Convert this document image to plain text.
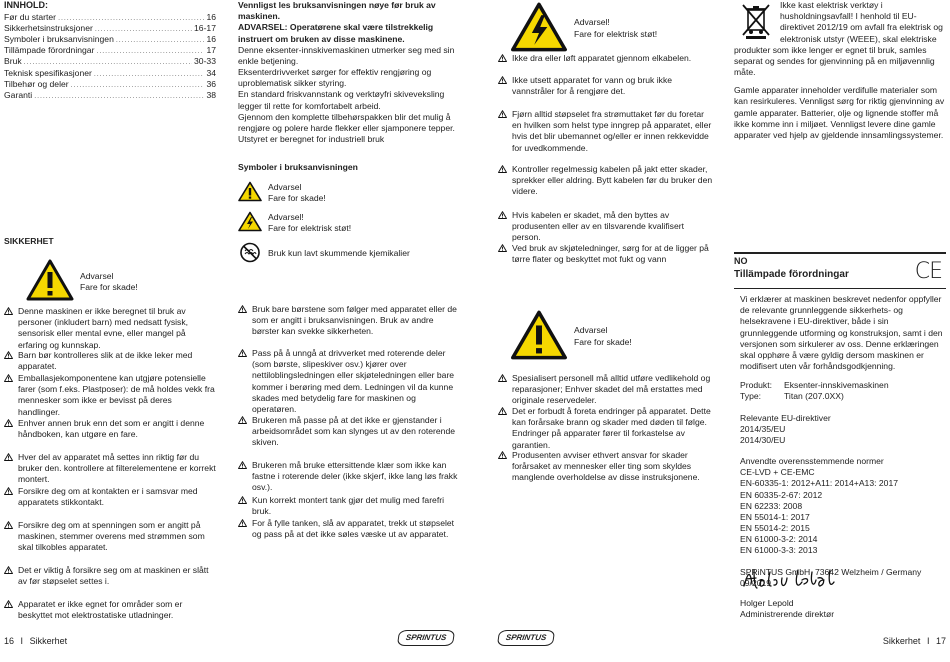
INNHOLD:
Før du starter . . .	16
Sikkerhetsinstruksjoner . . .	16-17
Symboler i bruksanvisningen . . .	16
Tillämpade förordningar . . .	17
Bruk . . .	30-33
Teknisk spesifikasjoner . . .	34
Tilbehør og deler . . .	36
Garanti . . .	38
SIKKERHET
Advarsel
Fare for skade!
Denne maskinen er ikke beregnet til bruk av personer (inkludert barn) med nedsatt fysisk, sensorisk eller mental evne, eller mangel på erfaring og kunnskap.
Barn bør kontrolleres slik at de ikke leker med apparatet.
Emballasjekomponentene kan utgjøre potensielle farer (som f.eks. Plastposer): de må holdes vekk fra mennesker som ikke er bevisst på deres handlinger.
Enhver annen bruk enn det som er angitt i denne håndboken, kan utgøre en fare.
Hver del av apparatet må settes inn riktig før du bruker den. kontrollere at filterelementene er korrekt montert.
Forsikre deg om at kontakten er i samsvar med apparatets stikkontakt.
Forsikre deg om at spenningen som er angitt på maskinen, stemmer overens med strømmen som skal tilkobles apparatet.
Det er viktig å forsikre seg om at maskinen er slått av før støpselet settes i.
Apparatet er ikke egnet for områder som er beskyttet mot elektrostatiske utladninger.
Vennligst les bruksanvisningen nøye før bruk av maskinen.
ADVARSEL: Operatørene skal være tilstrekkelig instruert om bruken av disse maskinene.
Denne eksenter-innskivemaskinen utmerker seg med sin enkle betjening.
Eksenterdrivverket sørger for effektiv rengjøring og uproblematisk sikker styring.
En standard friskvannstank og verktøyfri skiveveksling legger til rette for komfortabelt arbeid.
Gjennom den komplette tilbehørspakken blir det mulig å rengjøre og polere harde flekker eller sjamponere tepper.
Utstyret er beregnet for industriell bruk
Symboler i bruksanvisningen
Advarsel
Fare for skade!
Advarsel!
Fare for elektrisk støt!
Bruk kun lavt skummende kjemikalier
Bruk bare børstene som følger med apparatet eller de som er angitt i bruksanvisningen. Bruk av andre børster kan svekke sikkerheten.
Pass på å unngå at drivverket med roterende deler (som børste, slipeskiver osv.) kjører over nettiloblingsledningen eller skjøteledningen eller bare kommer i berøring med dem. Ledningen vil da kunne skades med betydelig fare for maskinen og operatøren.
Brukeren må passe på at det ikke er gjenstander i arbeidsområdet som kan slynges ut av den roterende skiven.
Brukeren må bruke ettersittende klær som ikke kan fastne i roterende deler (ikke skjerf, ikke lang løs frakk osv.).
Kun korrekt montert tank gjør det mulig med farefri bruk.
For å fylle tanken, slå av apparatet, trekk ut støpselet og pass på at det ikke søles væske ut av apparatet.
Advarsel!
Fare for elektrisk støt!
Ikke dra eller løft apparatet gjennom elkabelen.
Ikke utsett apparatet for vann og bruk ikke vannstråler for å rengjøre det.
Fjørn alltid støpselet fra strømuttaket før du foretar en hvilken som helst type inngrep på apparatet, eller hvis det blir ubemannet og/eller er innen rekkevidde for uvedkommende.
Kontroller regelmessig kabelen på jakt etter skader, sprekker eller aldring. Bytt kabelen før du bruker den videre.
Hvis kabelen er skadet, må den byttes av produsenten eller av en tilsvarende kvalifisert person.
Ved bruk av skjøteledninger, sørg for at de ligger på tørre flater og beskyttet mot fukt og vann
Advarsel
Fare for skade!
Spesialisert personell må alltid utføre vedlikehold og reparasjoner; Enhver skadet del må erstattes med originale reservedeler.
Det er forbudt å foreta endringer på apparatet. Dette kan forårsake brann og skader med døden til følge. Endringer på apparater fører til forkastelse av garantien.
Produsenten avviser ethvert ansvar for skader forårsaket av mennesker eller ting som skyldes manglende overholdelse av disse instruksjonene.
Ikke kast elektrisk verktøy i husholdningsavfall! I henhold til EU-direktivet 2012/19 om avfall fra elektrisk og elektronisk utstyr (WEEE), skal elektriske produkter som ikke lenger er egnet til bruk, samles separat og sendes for gjenvinning på en miljøvennlig måte.
Gamle apparater inneholder verdifulle materialer som kan resirkuleres. Vennligst sørg for riktig gjenvinning av gamle apparater. Batterier, olje og lignende stoffer må ikke komme inn i miljøet. Vennligst levere dine gamle apparater ved hjelp av gjeldende innsamlingssystemer.
NO
Tillämpade förordningar	CE
Vi erklærer at maskinen beskrevet nedenfor oppfyller de relevante grunnleggende sikkerhets- og helsekravene i EU-direktiver, både i sin grunnleggende utforming og konstruksjon, samt i den versjonen som sirkulerer av oss. Denne erklæringen skal opphøre å være gyldig dersom maskinen er modifisert uten vår forhåndsgodkjenning.
Produkt:	Eksenter-innskivemaskinen
Type:	Titan (207.0XX)
Relevante EU-direktiver
2014/35/EU
2014/30/EU
Anvendte overensstemmende normer
CE-LVD + CE-EMC
EN-60335-1: 2012+A11: 2014+A13: 2017
EN 60335-2-67: 2012
EN 62233: 2008
EN 55014-1: 2017
EN 55014-2: 2015
EN 61000-3-2: 2014
EN 61000-3-3: 2013
SPRiNTUS GmbH, 73642 Welzheim / Germany
09/2019
Holger Lepold
Administrerende direktør
16 I Sikkerhet	SPRINTUS	SPRINTUS	Sikkerhet I 17
